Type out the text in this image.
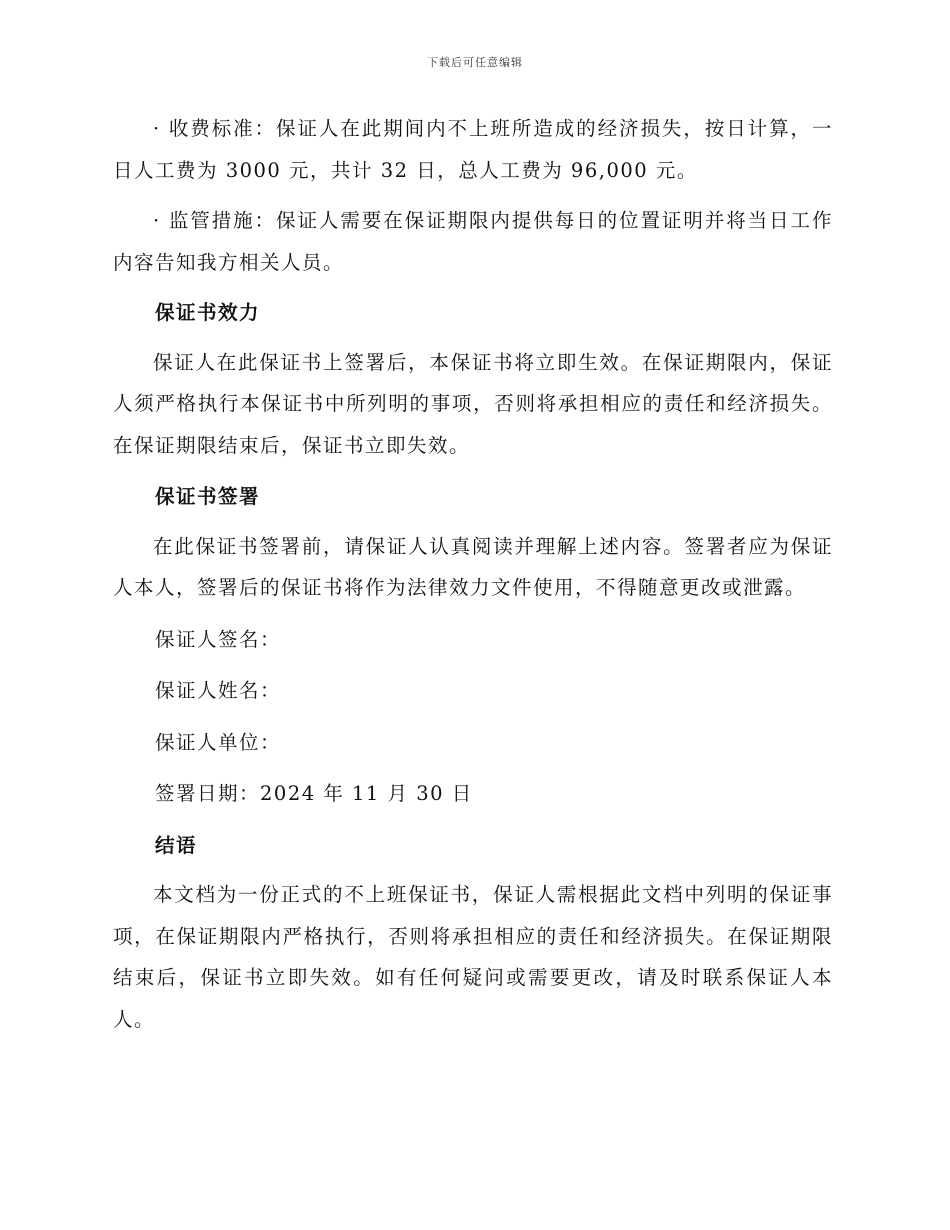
下载后可任意编辑

· 收费标准：保证人在此期间内不上班所造成的经济损失，按日计算，一日人工费为 3000 元，共计 32 日，总人工费为 96,000 元。

· 监管措施：保证人需要在保证期限内提供每日的位置证明并将当日工作内容告知我方相关人员。

保证书效力

保证人在此保证书上签署后，本保证书将立即生效。在保证期限内，保证人须严格执行本保证书中所列明的事项，否则将承担相应的责任和经济损失。在保证期限结束后，保证书立即失效。

保证书签署

在此保证书签署前，请保证人认真阅读并理解上述内容。签署者应为保证人本人，签署后的保证书将作为法律效力文件使用，不得随意更改或泄露。

保证人签名：
保证人姓名：
保证人单位：
签署日期：2024 年 11 月 30 日
结语

本文档为一份正式的不上班保证书，保证人需根据此文档中列明的保证事项，在保证期限内严格执行，否则将承担相应的责任和经济损失。在保证期限结束后，保证书立即失效。如有任何疑问或需要更改，请及时联系保证人本人。
